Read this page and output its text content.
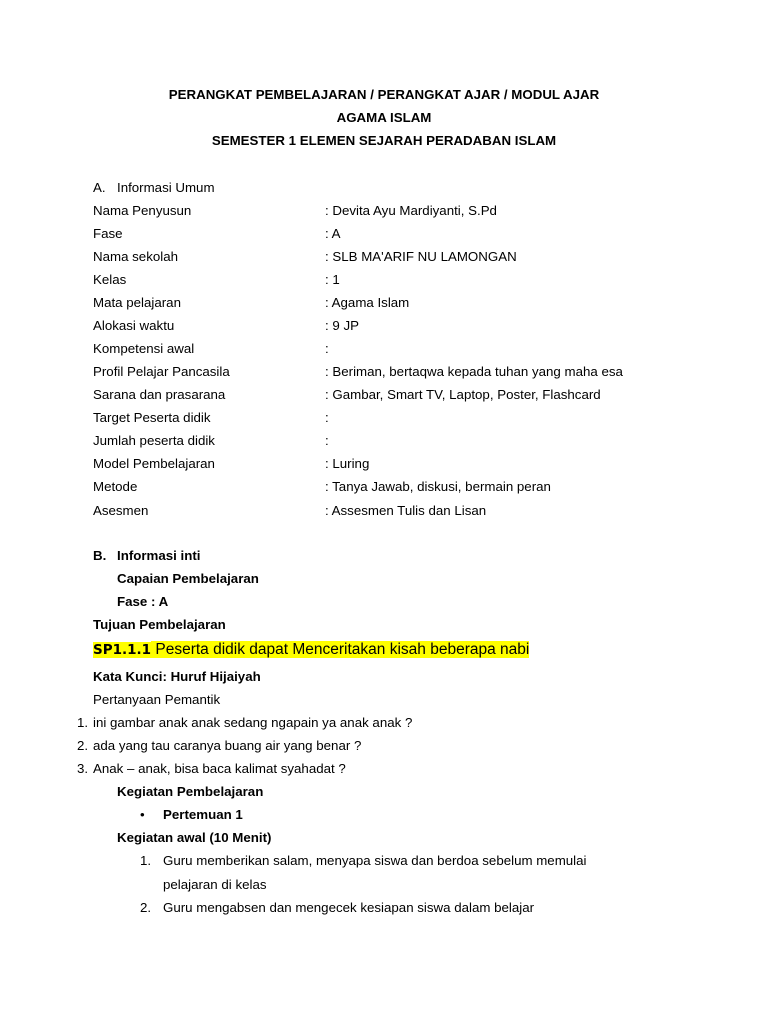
PERANGKAT PEMBELAJARAN / PERANGKAT AJAR / MODUL AJAR
AGAMA ISLAM
SEMESTER 1 ELEMEN SEJARAH PERADABAN ISLAM
A. Informasi Umum
Nama Penyusun	: Devita Ayu Mardiyanti, S.Pd
Fase	: A
Nama sekolah	: SLB MA'ARIF NU LAMONGAN
Kelas	: 1
Mata pelajaran	: Agama Islam
Alokasi waktu	: 9 JP
Kompetensi awal	:
Profil Pelajar Pancasila	: Beriman, bertaqwa kepada tuhan yang maha esa
Sarana dan prasarana	: Gambar, Smart TV, Laptop, Poster, Flashcard
Target Peserta didik	:
Jumlah peserta didik	:
Model Pembelajaran	: Luring
Metode	: Tanya Jawab, diskusi, bermain peran
Asesmen	: Assesmen Tulis dan Lisan
B. Informasi inti
Capaian Pembelajaran
Fase : A
Tujuan Pembelajaran
SP1.1.1 Peserta didik dapat Menceritakan kisah beberapa nabi
Kata Kunci: Huruf Hijaiyah
Pertanyaan Pemantik
1. ini gambar anak anak sedang ngapain ya anak anak ?
2. ada yang tau caranya buang air yang benar ?
3. Anak – anak, bisa baca kalimat syahadat ?
Kegiatan Pembelajaran
• Pertemuan 1
Kegiatan awal (10 Menit)
1. Guru memberikan salam, menyapa siswa dan berdoa sebelum memulai
pelajaran di kelas
2. Guru mengabsen dan mengecek kesiapan siswa dalam belajar
